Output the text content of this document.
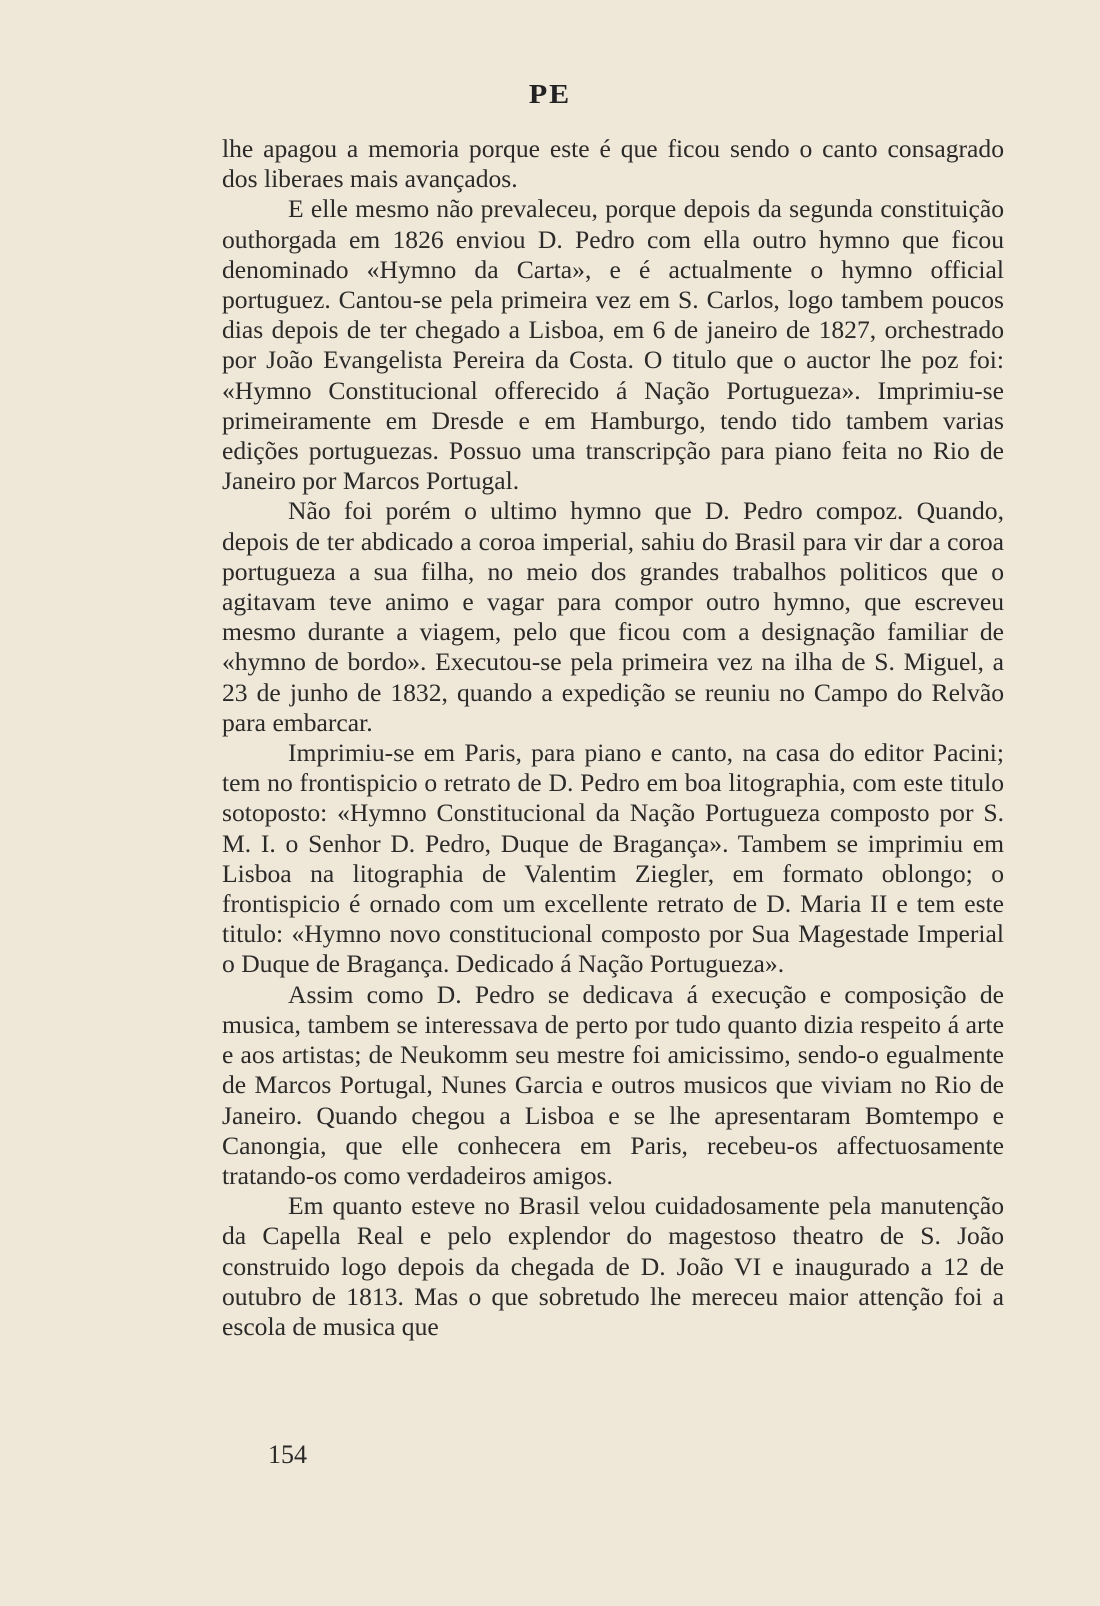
PE

lhe apagou a memoria porque este é que ficou sendo o canto consagrado dos liberaes mais avançados.

E elle mesmo não prevaleceu, porque depois da segunda constituição outhorgada em 1826 enviou D. Pedro com ella outro hymno que ficou denominado «Hymno da Carta», e é actualmente o hymno official portuguez. Cantou-se pela primeira vez em S. Carlos, logo tambem poucos dias depois de ter chegado a Lisboa, em 6 de janeiro de 1827, orchestrado por João Evangelista Pereira da Costa. O titulo que o auctor lhe poz foi: «Hymno Constitucional offerecido á Nação Portugueza». Imprimiu-se primeiramente em Dresde e em Hamburgo, tendo tido tambem varias edições portuguezas. Possuo uma transcripção para piano feita no Rio de Janeiro por Marcos Portugal.

Não foi porém o ultimo hymno que D. Pedro compoz. Quando, depois de ter abdicado a coroa imperial, sahiu do Brasil para vir dar a coroa portugueza a sua filha, no meio dos grandes trabalhos politicos que o agitavam teve animo e vagar para compor outro hymno, que escreveu mesmo durante a viagem, pelo que ficou com a designação familiar de «hymno de bordo». Executou-se pela primeira vez na ilha de S. Miguel, a 23 de junho de 1832, quando a expedição se reuniu no Campo do Relvão para embarcar.

Imprimiu-se em Paris, para piano e canto, na casa do editor Pacini; tem no frontispicio o retrato de D. Pedro em boa litographia, com este titulo sotoposto: «Hymno Constitucional da Nação Portugueza composto por S. M. I. o Senhor D. Pedro, Duque de Bragança». Tambem se imprimiu em Lisboa na litographia de Valentim Ziegler, em formato oblongo; o frontispicio é ornado com um excellente retrato de D. Maria II e tem este titulo: «Hymno novo constitucional composto por Sua Magestade Imperial o Duque de Bragança. Dedicado á Nação Portugueza».

Assim como D. Pedro se dedicava á execução e composição de musica, tambem se interessava de perto por tudo quanto dizia respeito á arte e aos artistas; de Neukomm seu mestre foi amicissimo, sendo-o egualmente de Marcos Portugal, Nunes Garcia e outros musicos que viviam no Rio de Janeiro. Quando chegou a Lisboa e se lhe apresentaram Bomtempo e Canongia, que elle conhecera em Paris, recebeu-os affectuosamente tratando-os como verdadeiros amigos.

Em quanto esteve no Brasil velou cuidadosamente pela manutenção da Capella Real e pelo explendor do magestoso theatro de S. João construido logo depois da chegada de D. João VI e inaugurado a 12 de outubro de 1813. Mas o que sobretudo lhe mereceu maior attenção foi a escola de musica que

154
